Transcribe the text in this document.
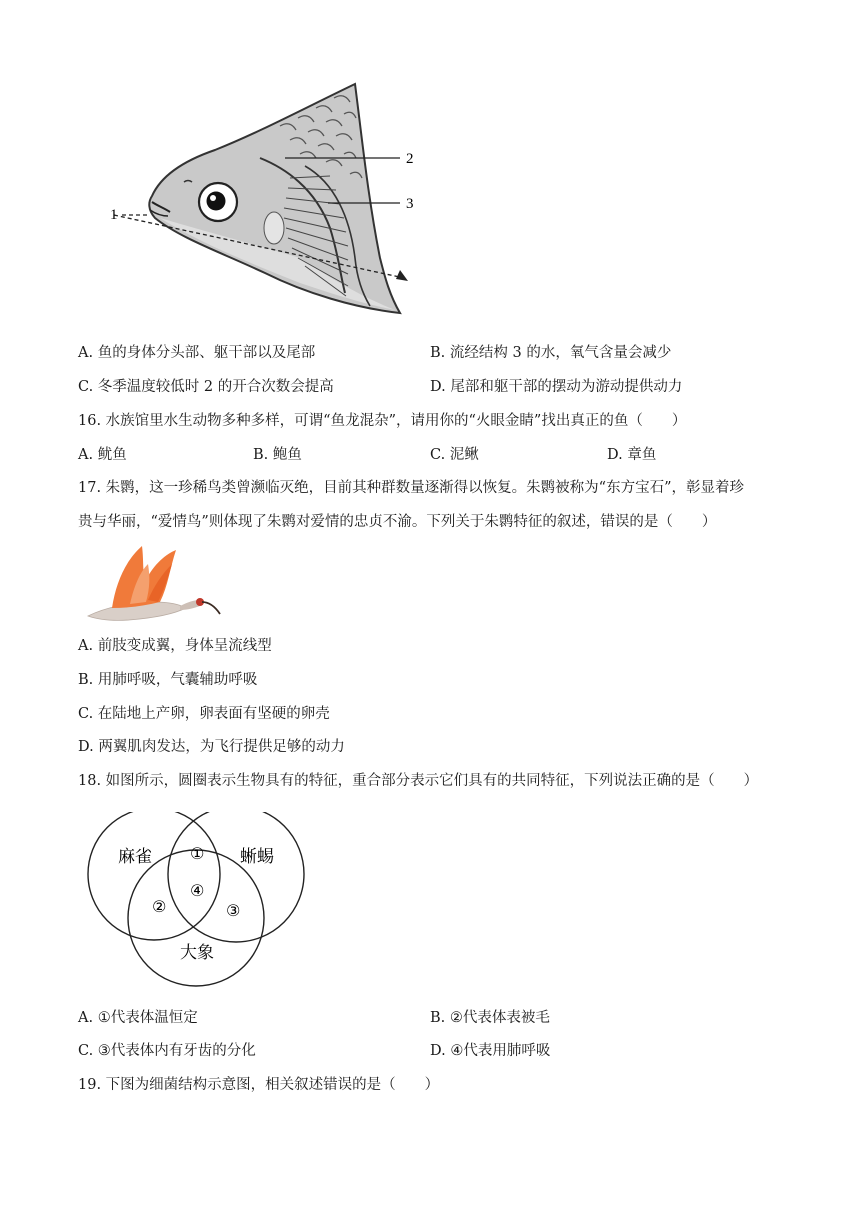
1
2
3
A. 鱼的身体分头部、躯干部以及尾部	B. 流经结构 3 的水，氧气含量会减少
C. 冬季温度较低时 2 的开合次数会提高	D. 尾部和躯干部的摆动为游动提供动力
16. 水族馆里水生动物多种多样，可谓“鱼龙混杂”，请用你的“火眼金睛”找出真正的鱼（　　）
A. 鱿鱼	B. 鲍鱼	C. 泥鳅	D. 章鱼
17. 朱鹮，这一珍稀鸟类曾濒临灭绝，目前其种群数量逐渐得以恢复。朱鹮被称为“东方宝石”，彰显着珍
贵与华丽，“爱情鸟”则体现了朱鹮对爱情的忠贞不渝。下列关于朱鹮特征的叙述，错误的是（　　）
A. 前肢变成翼，身体呈流线型
B. 用肺呼吸，气囊辅助呼吸
C. 在陆地上产卵，卵表面有坚硬的卵壳
D. 两翼肌肉发达，为飞行提供足够的动力
18. 如图所示，圆圈表示生物具有的特征，重合部分表示它们具有的共同特征，下列说法正确的是（　　）
麻雀	蜥蜴
大象
①
②	③
④
A. ①代表体温恒定	B. ②代表体表被毛
C. ③代表体内有牙齿的分化	D. ④代表用肺呼吸
19. 下图为细菌结构示意图，相关叙述错误的是（　　）
